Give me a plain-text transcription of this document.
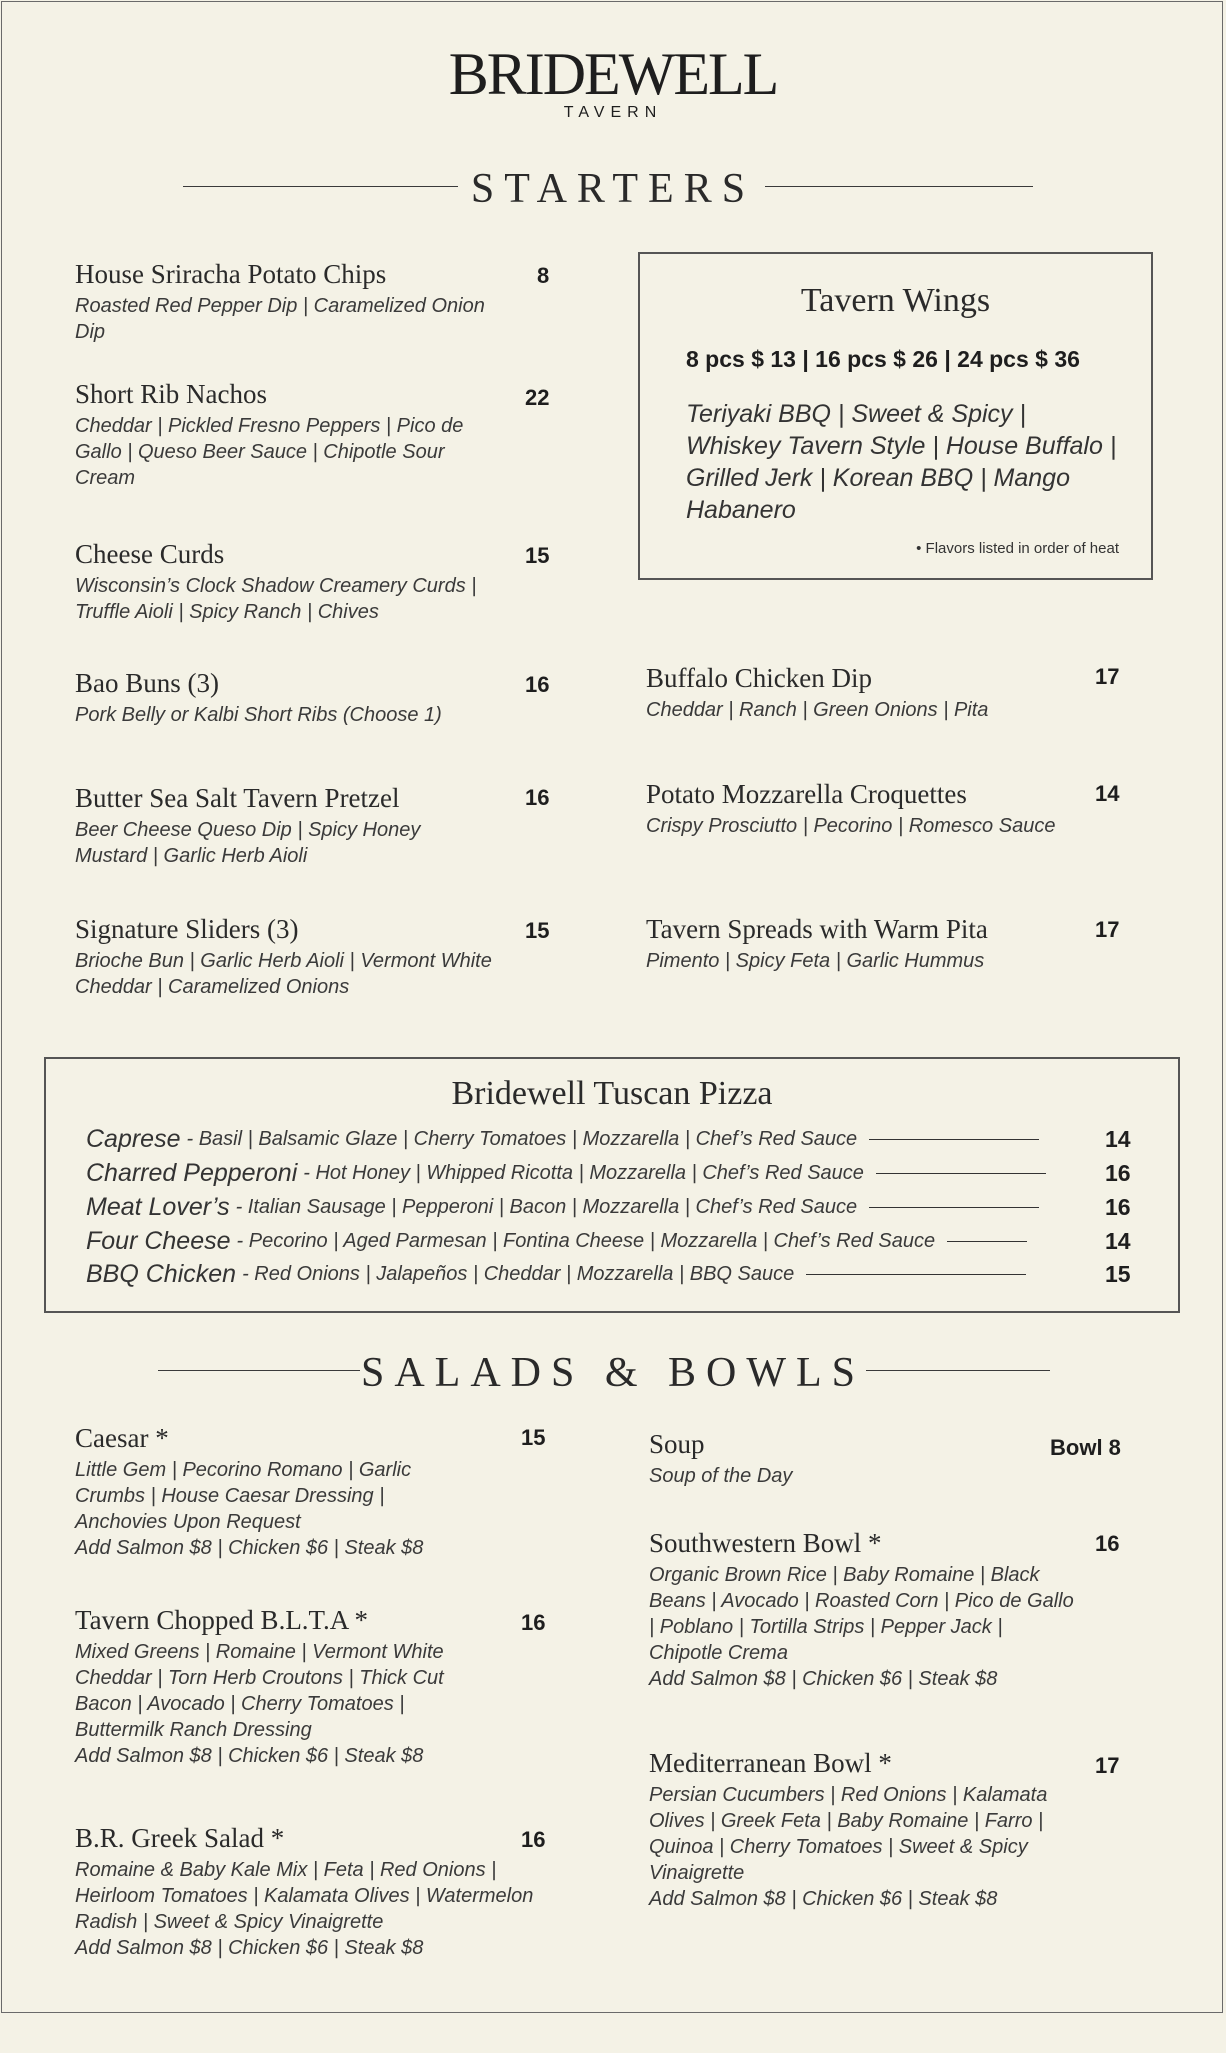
BRIDEWELL
TAVERN
STARTERS
House Sriracha Potato Chips
Roasted Red Pepper Dip | Caramelized Onion Dip
8
Short Rib Nachos
Cheddar | Pickled Fresno Peppers | Pico de Gallo | Queso Beer Sauce | Chipotle Sour Cream
22
Cheese Curds
Wisconsin’s Clock Shadow Creamery Curds | Truffle Aioli | Spicy Ranch | Chives
15
Bao Buns (3)
Pork Belly or Kalbi Short Ribs (Choose 1)
16
Butter Sea Salt Tavern Pretzel
Beer Cheese Queso Dip | Spicy Honey Mustard | Garlic Herb Aioli
16
Signature Sliders (3)
Brioche Bun | Garlic Herb Aioli | Vermont White Cheddar | Caramelized Onions
15
Tavern Wings
8 pcs $ 13 | 16 pcs $ 26 | 24 pcs $ 36
Teriyaki BBQ | Sweet & Spicy | Whiskey Tavern Style | House Buffalo | Grilled Jerk | Korean BBQ | Mango Habanero
• Flavors listed in order of heat
Buffalo Chicken Dip
Cheddar | Ranch | Green Onions | Pita
17
Potato Mozzarella Croquettes
Crispy Prosciutto | Pecorino | Romesco Sauce
14
Tavern Spreads with Warm Pita
Pimento | Spicy Feta | Garlic Hummus
17
Bridewell Tuscan Pizza
Caprese - Basil | Balsamic Glaze | Cherry Tomatoes | Mozzarella | Chef’s Red Sauce	14
Charred Pepperoni - Hot Honey | Whipped Ricotta | Mozzarella | Chef’s Red Sauce	16
Meat Lover’s - Italian Sausage | Pepperoni | Bacon | Mozzarella | Chef’s Red Sauce	16
Four Cheese - Pecorino | Aged Parmesan | Fontina Cheese | Mozzarella | Chef’s Red Sauce	14
BBQ Chicken - Red Onions | Jalapeños | Cheddar | Mozzarella | BBQ Sauce	15
SALADS & BOWLS
Caesar *
Little Gem | Pecorino Romano | Garlic Crumbs | House Caesar Dressing | Anchovies Upon Request
Add Salmon $8 | Chicken $6 | Steak $8
15
Tavern Chopped B.L.T.A *
Mixed Greens | Romaine | Vermont White Cheddar | Torn Herb Croutons | Thick Cut Bacon | Avocado | Cherry Tomatoes | Buttermilk Ranch Dressing
Add Salmon $8 | Chicken $6 | Steak $8
16
B.R. Greek Salad *
Romaine & Baby Kale Mix | Feta | Red Onions | Heirloom Tomatoes | Kalamata Olives | Watermelon Radish | Sweet & Spicy Vinaigrette
Add Salmon $8 | Chicken $6 | Steak $8
16
Soup
Soup of the Day
Bowl 8
Southwestern Bowl *
Organic Brown Rice | Baby Romaine | Black Beans | Avocado | Roasted Corn | Pico de Gallo | Poblano | Tortilla Strips | Pepper Jack | Chipotle Crema
Add Salmon $8 | Chicken $6 | Steak $8
16
Mediterranean Bowl *
Persian Cucumbers | Red Onions | Kalamata Olives | Greek Feta | Baby Romaine | Farro | Quinoa | Cherry Tomatoes | Sweet & Spicy Vinaigrette
Add Salmon $8 | Chicken $6 | Steak $8
17
